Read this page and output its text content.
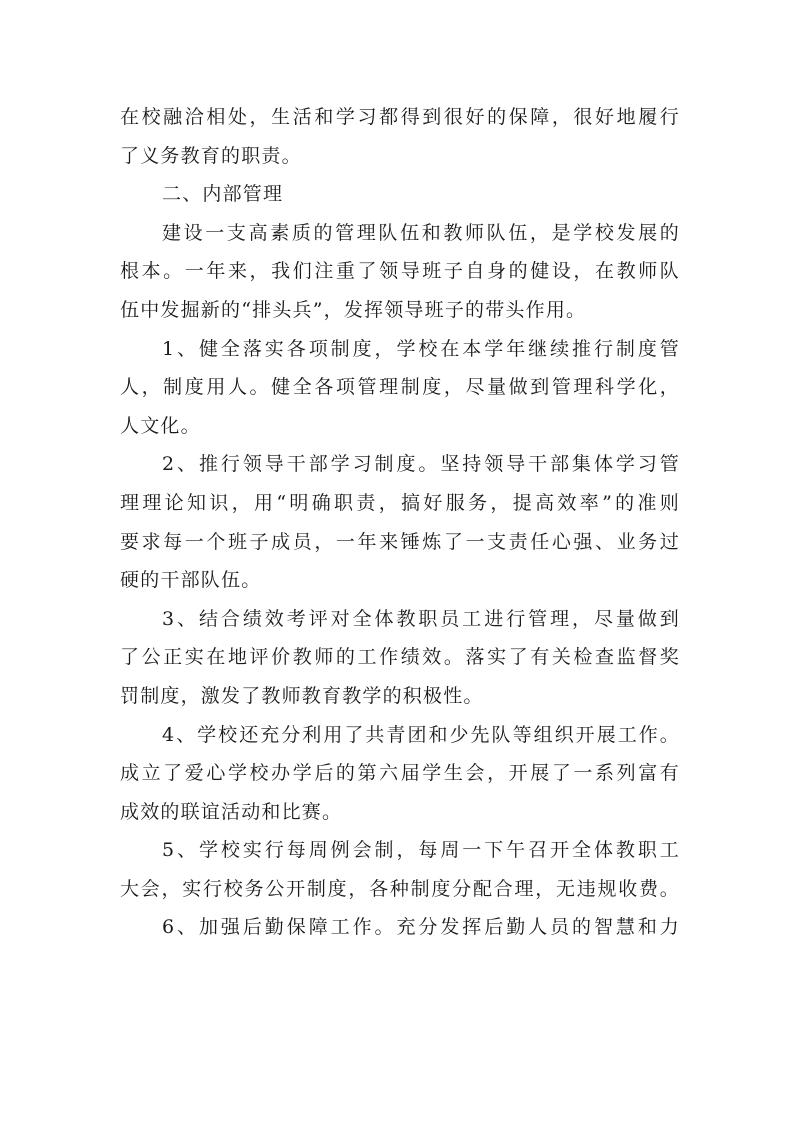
在校融洽相处，生活和学习都得到很好的保障，很好地履行
了义务教育的职责。
二、内部管理
建设一支高素质的管理队伍和教师队伍，是学校发展的
根本。一年来，我们注重了领导班子自身的健设，在教师队
伍中发掘新的“排头兵”，发挥领导班子的带头作用。
1、健全落实各项制度，学校在本学年继续推行制度管
人，制度用人。健全各项管理制度，尽量做到管理科学化，
人文化。
2、推行领导干部学习制度。坚持领导干部集体学习管
理理论知识，用“明确职责，搞好服务，提高效率”的准则
要求每一个班子成员，一年来锤炼了一支责任心强、业务过
硬的干部队伍。
3、结合绩效考评对全体教职员工进行管理，尽量做到
了公正实在地评价教师的工作绩效。落实了有关检查监督奖
罚制度，激发了教师教育教学的积极性。
4、学校还充分利用了共青团和少先队等组织开展工作。
成立了爱心学校办学后的第六届学生会，开展了一系列富有
成效的联谊活动和比赛。
5、学校实行每周例会制，每周一下午召开全体教职工
大会，实行校务公开制度，各种制度分配合理，无违规收费。
6、加强后勤保障工作。充分发挥后勤人员的智慧和力
